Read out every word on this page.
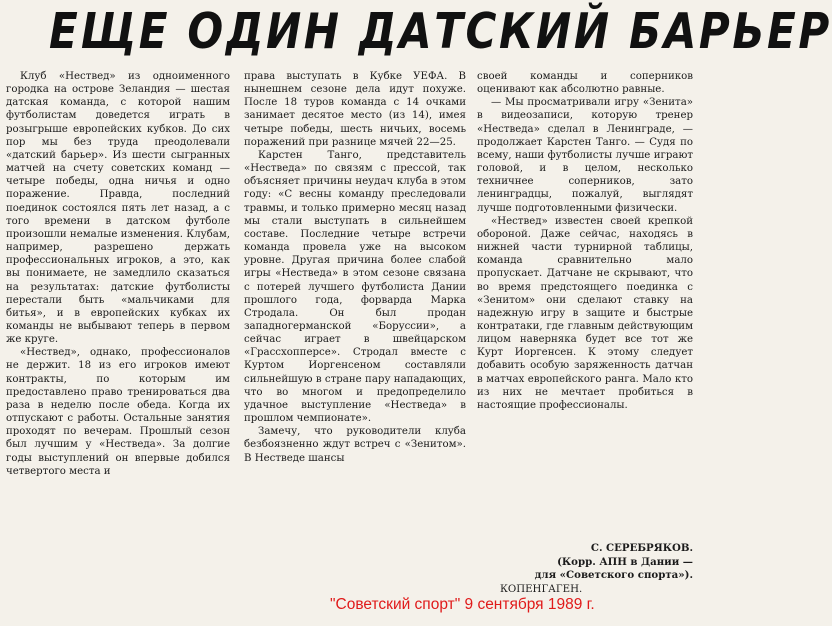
ЕЩЕ ОДИН ДАТСКИЙ БАРЬЕР

Клуб «Нествед» из одноименного городка на острове Зеландия — шестая датская команда, с которой нашим футболистам доведется играть в розыгрыше европейских кубков. До сих пор мы без труда преодолевали «датский барьер». Из шести сыгранных матчей на счету советских команд — четыре победы, одна ничья и одно поражение. Правда, последний поединок состоялся пять лет назад, а с того времени в датском футболе произошли немалые изменения. Клубам, например, разрешено держать профессиональных игроков, а это, как вы понимаете, не замедлило сказаться на результатах: датские футболисты перестали быть «мальчиками для битья», и в европейских кубках их команды не выбывают теперь в первом же круге.

«Нествед», однако, профессионалов не держит. 18 из его игроков имеют контракты, по которым им предоставлено право тренироваться два раза в неделю после обеда. Когда их отпускают с работы. Остальные занятия проходят по вечерам. Прошлый сезон был лучшим у «Нестведа». За долгие годы выступлений он впервые добился четвертого места и

права выступать в Кубке УЕФА. В нынешнем сезоне дела идут похуже. После 18 туров команда с 14 очками занимает десятое место (из 14), имея четыре победы, шесть ничьих, восемь поражений при разнице мячей 22—25.

Карстен Танго, представитель «Нестведа» по связям с прессой, так объясняет причины неудач клуба в этом году: «С весны команду преследовали травмы, и только примерно месяц назад мы стали выступать в сильнейшем составе. Последние четыре встречи команда провела уже на высоком уровне. Другая причина более слабой игры «Нестведа» в этом сезоне связана с потерей лучшего футболиста Дании прошлого года, форварда Марка Стродала. Он был продан западногерманской «Боруссии», а сейчас играет в швейцарском «Грассхопперсе». Стродал вместе с Куртом Иоргенсеном составляли сильнейшую в стране пару нападающих, что во многом и предопределило удачное выступление «Нестведа» в прошлом чемпионате».

Замечу, что руководители клуба безбоязненно ждут встреч с «Зенитом». В Нестведе шансы

своей команды и соперников оценивают как абсолютно равные.

— Мы просматривали игру «Зенита» в видеозаписи, которую тренер «Нестведа» сделал в Ленинграде, — продолжает Карстен Танго. — Судя по всему, наши футболисты лучше играют головой, и в целом, несколько техничнее соперников, зато ленинградцы, пожалуй, выглядят лучше подготовленными физически.

«Нествед» известен своей крепкой обороной. Даже сейчас, находясь в нижней части турнирной таблицы, команда сравнительно мало пропускает. Датчане не скрывают, что во время предстоящего поединка с «Зенитом» они сделают ставку на надежную игру в защите и быстрые контратаки, где главным действующим лицом наверняка будет все тот же Курт Иоргенсен. К этому следует добавить особую заряженность датчан в матчах европейского ранга. Мало кто из них не мечтает пробиться в настоящие профессионалы.

С. СЕРЕБРЯКОВ.
(Корр. АПН в Дании —
для «Советского спорта»).
КОПЕНГАГЕН.
"Советский спорт" 9 сентября 1989 г.
